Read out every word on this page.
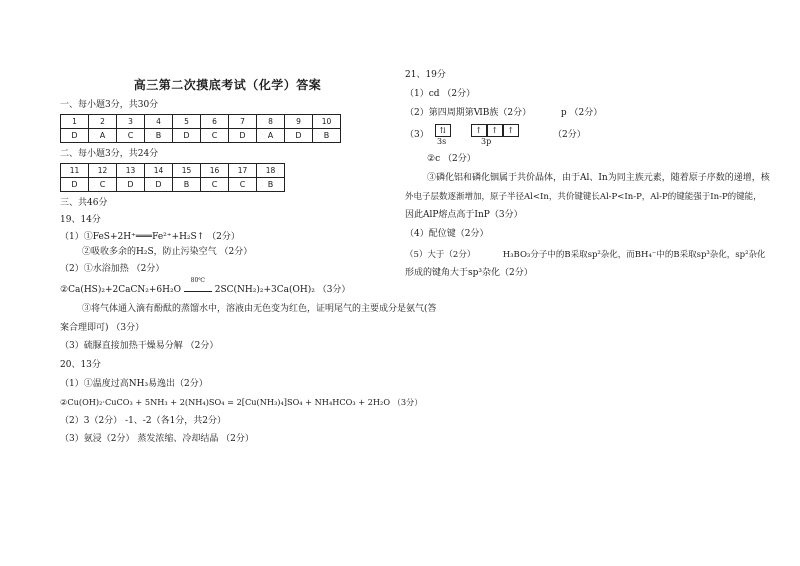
高三第二次摸底考试（化学）答案

一、每小题3分，共30分

1	2	3	4	5	6	7	8	9	10
D	A	C	B	D	C	D	A	D	B

二、每小题3分，共24分

11	12	13	14	15	16	17	18
D	C	D	D	B	C	C	B

三、共46分

19、14分

（1）①FeS+2H⁺═══Fe²⁺+H₂S↑ （2分）

②吸收多余的H₂S，防止污染空气 （2分）

（2）①水浴加热 （2分）

②Ca(HS)₂+2CaCN₂+6H₂O
80℃
2SC(NH₂)₂+3Ca(OH)₂ （3分）

③将气体通入滴有酚酞的蒸馏水中，溶液由无色变为红色，证明尾气的主要成分是氨气(答

案合理即可) （3分）

（3）硫脲直接加热干燥易分解 （2分）

20、13分

（1）①温度过高NH₃易逸出（2分）

②Cu(OH)₂·CuCO₃ + 5NH₃ + 2(NH₄)SO₄ = 2[Cu(NH₃)₄]SO₄ + NH₄HCO₃ + 2H₂O （3分）

（2）3（2分） -1、-2（各1分，共2分）

（3）氨浸（2分） 蒸发浓缩、冷却结晶 （2分）

21、19分

（1）cd （2分）

（2）第四周期第ⅥB族（2分）	p （2分）

（3）	⇅	↑ ↑ ↑
3s	3p
（2分）

②c （2分）

③磷化铝和磷化铟属于共价晶体，由于Al、In为同主族元素，随着原子序数的递增，核

外电子层数逐渐增加，原子半径Al<In，共价键键长Al-P<In-P，Al-P的键能强于In-P的键能，

因此AlP熔点高于InP（3分）

（4）配位键（2分）

（5）大于（2分）	H₃BO₃分子中的B采取sp²杂化，而BH₄⁻中的B采取sp³杂化，sp²杂化

形成的键角大于sp³杂化（2分）
